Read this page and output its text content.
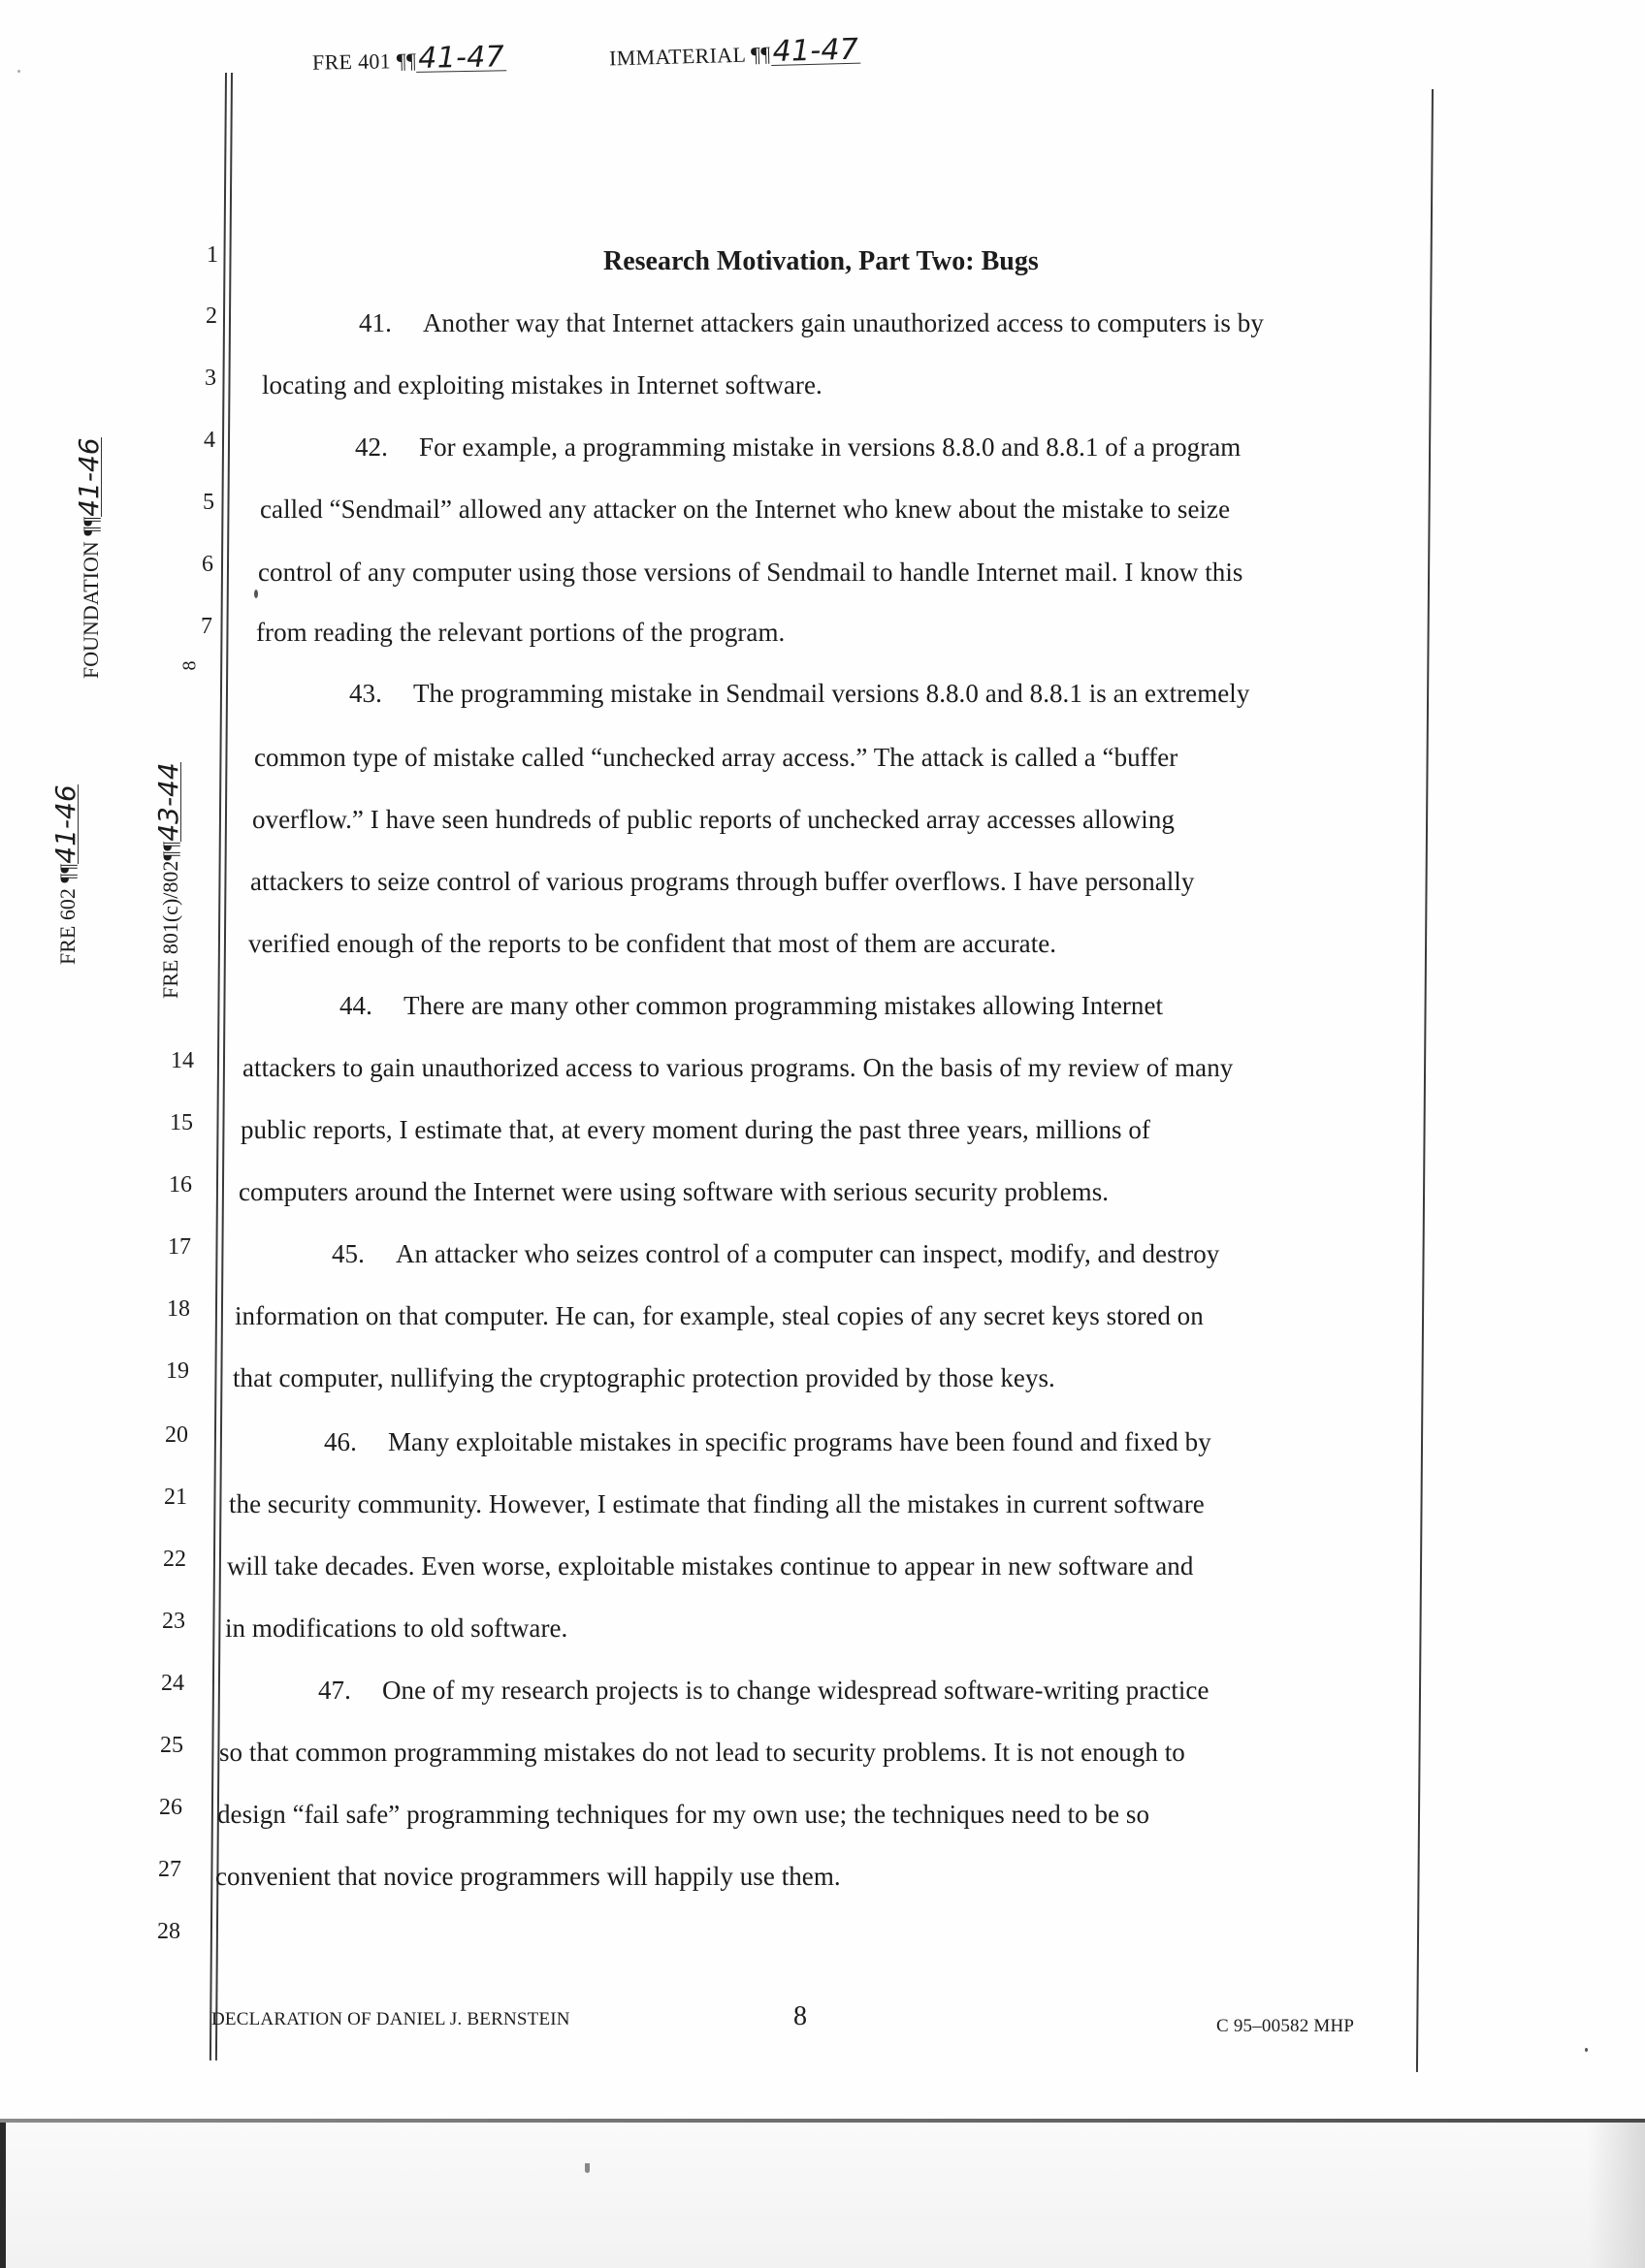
FRE 401 ¶¶41-47	IMMATERIAL ¶¶41-47
FOUNDATION ¶¶41-46
FRE 602 ¶¶41-46
FRE 801(c)/802¶¶43-44
1
2
3
4
5
6
7
8
14
15
16
17
18
19
20
21
22
23
24
25
26
27
28
Research Motivation, Part Two: Bugs
41. Another way that Internet attackers gain unauthorized access to computers is by
locating and exploiting mistakes in Internet software.
42. For example, a programming mistake in versions 8.8.0 and 8.8.1 of a program
called “Sendmail” allowed any attacker on the Internet who knew about the mistake to seize
control of any computer using those versions of Sendmail to handle Internet mail. I know this
from reading the relevant portions of the program.
43. The programming mistake in Sendmail versions 8.8.0 and 8.8.1 is an extremely
common type of mistake called “unchecked array access.” The attack is called a “buffer
overflow.” I have seen hundreds of public reports of unchecked array accesses allowing
attackers to seize control of various programs through buffer overflows. I have personally
verified enough of the reports to be confident that most of them are accurate.
44. There are many other common programming mistakes allowing Internet
attackers to gain unauthorized access to various programs. On the basis of my review of many
public reports, I estimate that, at every moment during the past three years, millions of
computers around the Internet were using software with serious security problems.
45. An attacker who seizes control of a computer can inspect, modify, and destroy
information on that computer. He can, for example, steal copies of any secret keys stored on
that computer, nullifying the cryptographic protection provided by those keys.
46. Many exploitable mistakes in specific programs have been found and fixed by
the security community. However, I estimate that finding all the mistakes in current software
will take decades. Even worse, exploitable mistakes continue to appear in new software and
in modifications to old software.
47. One of my research projects is to change widespread software-writing practice
so that common programming mistakes do not lead to security problems. It is not enough to
design “fail safe” programming techniques for my own use; the techniques need to be so
convenient that novice programmers will happily use them.
DECLARATION OF DANIEL J. BERNSTEIN	8	C 95–00582 MHP
